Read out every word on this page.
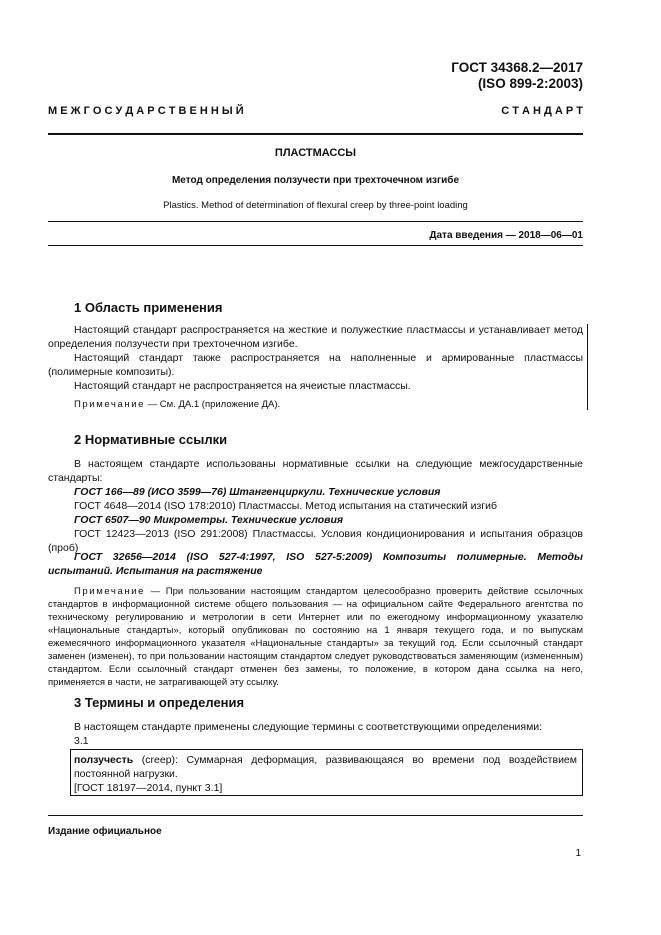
ГОСТ 34368.2—2017
(ISO 899-2:2003)
М Е Ж Г О С У Д А Р С Т В Е Н Н Ы Й	С Т А Н Д А Р Т
ПЛАСТМАССЫ
Метод определения ползучести при трехточечном изгибе
Plastics. Method of determination of flexural creep by three-point loading
Дата введения — 2018—06—01
1 Область применения
Настоящий стандарт распространяется на жесткие и полужесткие пластмассы и устанавливает метод определения ползучести при трехточечном изгибе.
Настоящий стандарт также распространяется на наполненные и армированные пластмассы (полимерные композиты).
Настоящий стандарт не распространяется на ячеистые пластмассы.
Примечание — См. ДА.1 (приложение ДА).
2 Нормативные ссылки
В настоящем стандарте использованы нормативные ссылки на следующие межгосударственные стандарты:
ГОСТ 166—89 (ИСО 3599—76) Штангенциркули. Технические условия
ГОСТ 4648—2014 (ISO 178:2010) Пластмассы. Метод испытания на статический изгиб
ГОСТ 6507—90 Микрометры. Технические условия
ГОСТ 12423—2013 (ISO 291:2008) Пластмассы. Условия кондиционирования и испытания образцов (проб)
ГОСТ 32656—2014 (ISO 527-4:1997, ISO 527-5:2009) Композиты полимерные. Методы испытаний. Испытания на растяжение
Примечание — При пользовании настоящим стандартом целесообразно проверить действие ссылочных стандартов в информационной системе общего пользования — на официальном сайте Федерального агентства по техническому регулированию и метрологии в сети Интернет или по ежегодному информационному указателю «Национальные стандарты», который опубликован по состоянию на 1 января текущего года, и по выпускам ежемесячного информационного указателя «Национальные стандарты» за текущий год. Если ссылочный стандарт заменен (изменен), то при пользовании настоящим стандартом следует руководствоваться заменяющим (измененным) стандартом. Если ссылочный стандарт отменен без замены, то положение, в котором дана ссылка на него, применяется в части, не затрагивающей эту ссылку.
3 Термины и определения
В настоящем стандарте применены следующие термины с соответствующими определениями:
3.1
ползучесть (creep): Суммарная деформация, развивающаяся во времени под воздействием постоянной нагрузки.
[ГОСТ 18197—2014, пункт 3.1]
Издание официальное
1
